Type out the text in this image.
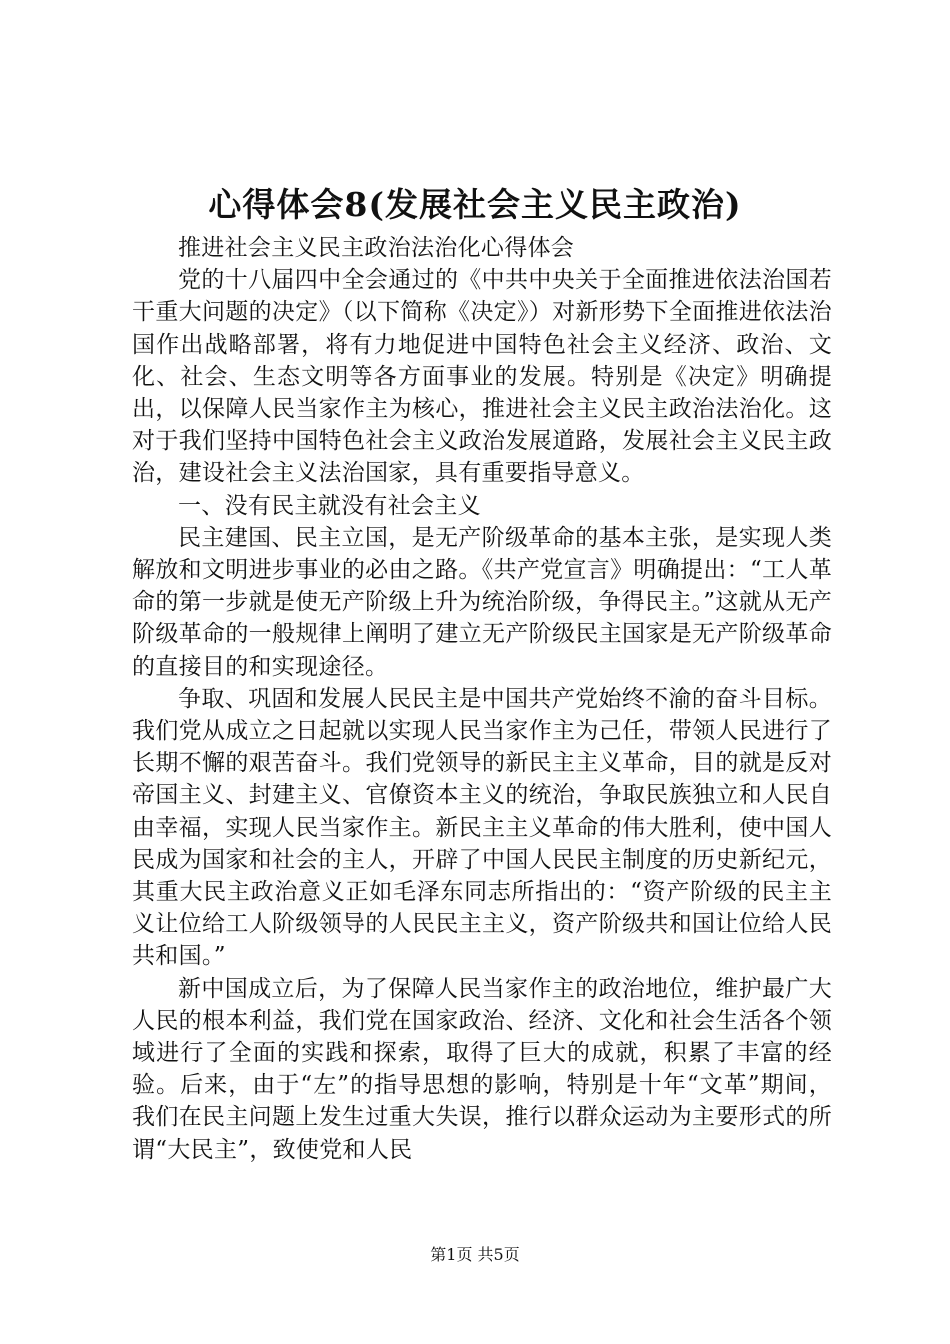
心得体会8(发展社会主义民主政治)

推进社会主义民主政治法治化心得体会

党的十八届四中全会通过的《中共中央关于全面推进依法治国若干重大问题的决定》（以下简称《决定》）对新形势下全面推进依法治国作出战略部署，将有力地促进中国特色社会主义经济、政治、文化、社会、生态文明等各方面事业的发展。特别是《决定》明确提出，以保障人民当家作主为核心，推进社会主义民主政治法治化。这对于我们坚持中国特色社会主义政治发展道路，发展社会主义民主政治，建设社会主义法治国家，具有重要指导意义。

一、没有民主就没有社会主义

民主建国、民主立国，是无产阶级革命的基本主张，是实现人类解放和文明进步事业的必由之路。《共产党宣言》明确提出：“工人革命的第一步就是使无产阶级上升为统治阶级，争得民主。”这就从无产阶级革命的一般规律上阐明了建立无产阶级民主国家是无产阶级革命的直接目的和实现途径。

争取、巩固和发展人民民主是中国共产党始终不渝的奋斗目标。我们党从成立之日起就以实现人民当家作主为己任，带领人民进行了长期不懈的艰苦奋斗。我们党领导的新民主主义革命，目的就是反对帝国主义、封建主义、官僚资本主义的统治，争取民族独立和人民自由幸福，实现人民当家作主。新民主主义革命的伟大胜利，使中国人民成为国家和社会的主人，开辟了中国人民民主制度的历史新纪元，其重大民主政治意义正如毛泽东同志所指出的：“资产阶级的民主主义让位给工人阶级领导的人民民主主义，资产阶级共和国让位给人民共和国。”

新中国成立后，为了保障人民当家作主的政治地位，维护最广大人民的根本利益，我们党在国家政治、经济、文化和社会生活各个领域进行了全面的实践和探索，取得了巨大的成就，积累了丰富的经验。后来，由于“左”的指导思想的影响，特别是十年“文革”期间，我们在民主问题上发生过重大失误，推行以群众运动为主要形式的所谓“大民主”，致使党和人民

第1页 共5页
